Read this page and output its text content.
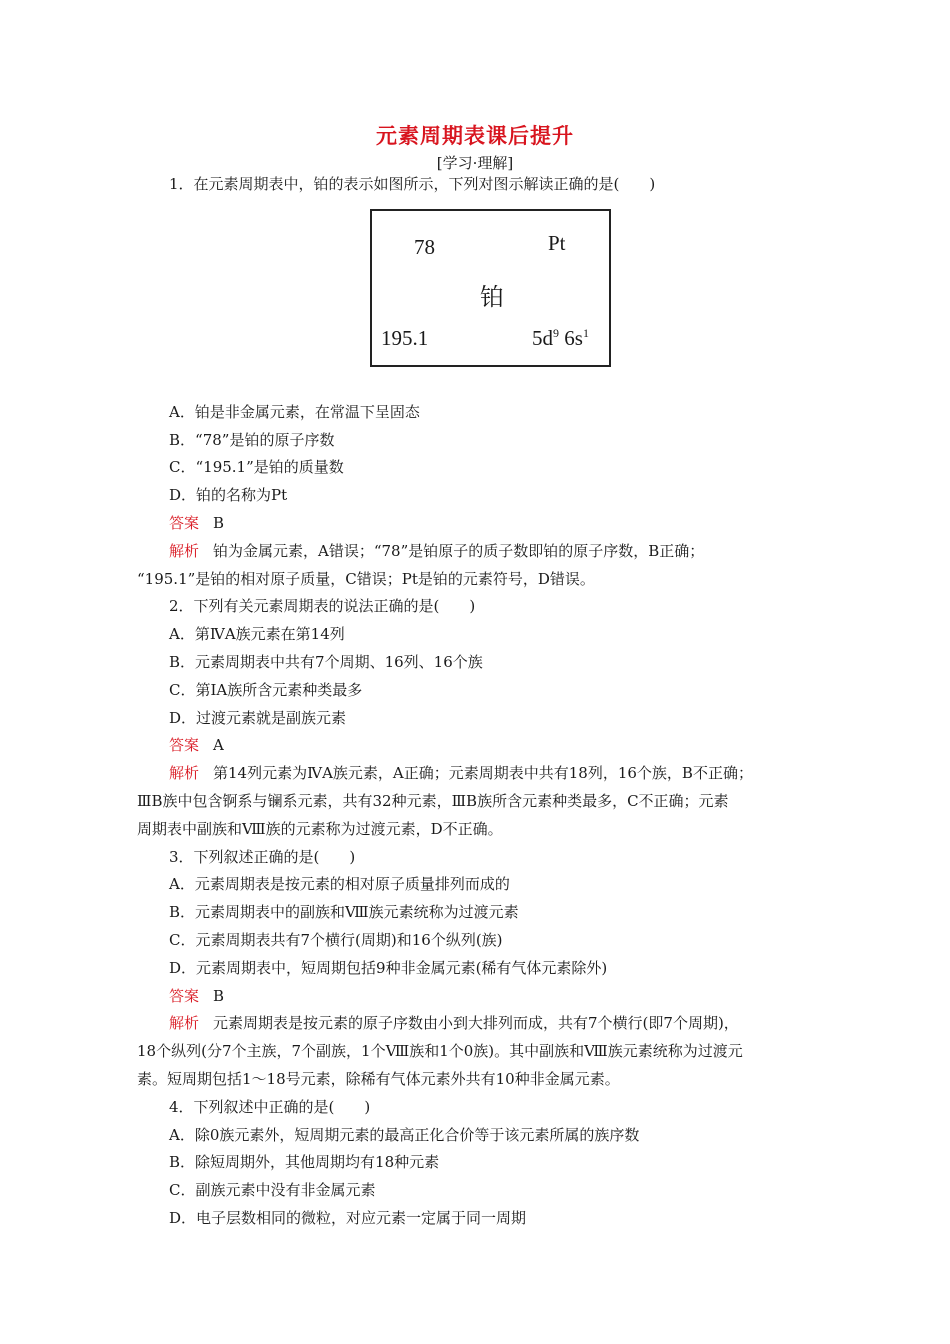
元素周期表课后提升
[学习·理解]
1．在元素周期表中，铂的表示如图所示，下列对图示解读正确的是(　　)
78	Pt
铂
195.1	$5d^9$ $6s^1$
A．铂是非金属元素，在常温下呈固态
B．“78”是铂的原子序数
C．“195.1”是铂的质量数
D．铂的名称为Pt
答案 B
解析 铂为金属元素，A错误；“78”是铂原子的质子数即铂的原子序数，B正确；
“195.1”是铂的相对原子质量，C错误；Pt是铂的元素符号，D错误。
2．下列有关元素周期表的说法正确的是(　　)
A．第ⅣA族元素在第14列
B．元素周期表中共有7个周期、16列、16个族
C．第ⅠA族所含元素种类最多
D．过渡元素就是副族元素
答案 A
解析 第14列元素为ⅣA族元素，A正确；元素周期表中共有18列，16个族，B不正确；
ⅢB族中包含锕系与镧系元素，共有32种元素，ⅢB族所含元素种类最多，C不正确；元素
周期表中副族和Ⅷ族的元素称为过渡元素，D不正确。
3．下列叙述正确的是(　　)
A．元素周期表是按元素的相对原子质量排列而成的
B．元素周期表中的副族和Ⅷ族元素统称为过渡元素
C．元素周期表共有7个横行(周期)和16个纵列(族)
D．元素周期表中，短周期包括9种非金属元素(稀有气体元素除外)
答案 B
解析 元素周期表是按元素的原子序数由小到大排列而成，共有7个横行(即7个周期)，
18个纵列(分7个主族，7个副族，1个Ⅷ族和1个0族)。其中副族和Ⅷ族元素统称为过渡元
素。短周期包括1～18号元素，除稀有气体元素外共有10种非金属元素。
4．下列叙述中正确的是(　　)
A．除0族元素外，短周期元素的最高正化合价等于该元素所属的族序数
B．除短周期外，其他周期均有18种元素
C．副族元素中没有非金属元素
D．电子层数相同的微粒，对应元素一定属于同一周期
